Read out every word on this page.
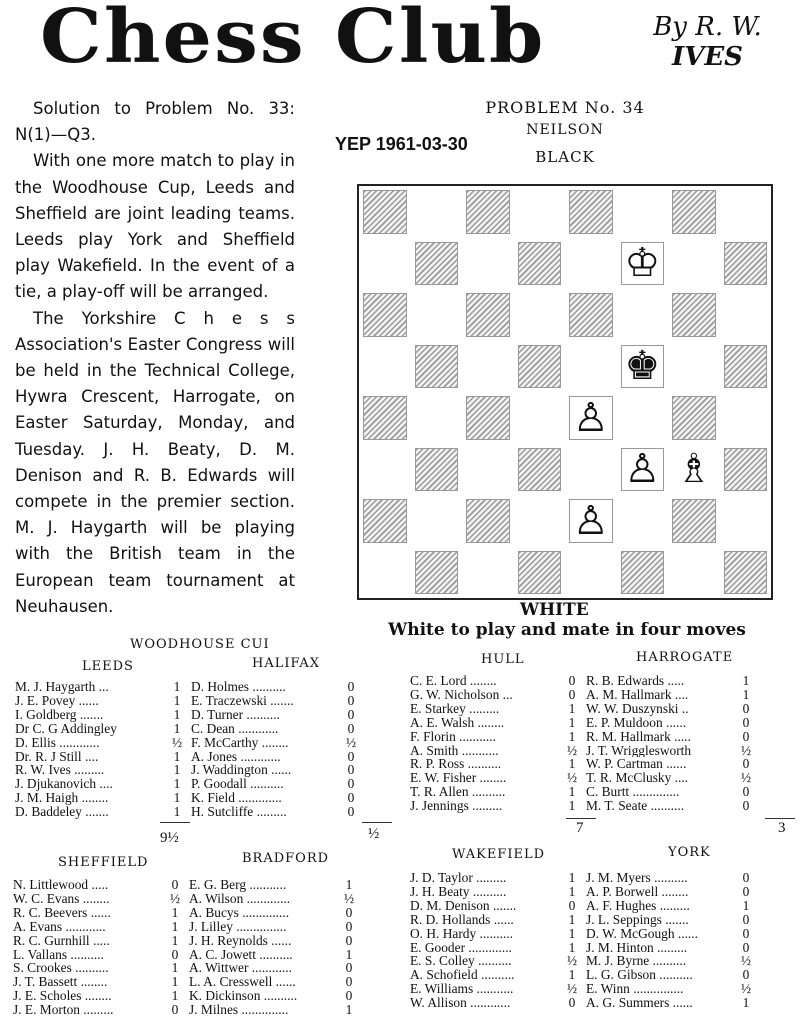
Chess Club	By R. W.
IVES

Solution to Problem No. 33: N(1)—Q3.

With one more match to play in the Woodhouse Cup, Leeds and Sheffield are joint leading teams. Leeds play York and Sheffield play Wakefield. In the event of a tie, a play-off will be arranged.

The Yorkshire C h e s s Association's Easter Congress will be held in the Technical College, Hywra Crescent, Harrogate, on Easter Saturday, Monday, and Tuesday. J. H. Beaty, D. M. Denison and R. B. Edwards will compete in the premier section. M. J. Haygarth will be playing with the British team in the European team tournament at Neuhausen.

YEP 1961-03-30
PROBLEM No. 34
NEILSON
BLACK
♔
♚
♙
♙ ♗
♙
WHITE
White to play and mate in four moves
WOODHOUSE CUI
LEEDS	HALIFAX
M. J. Haygarth ...	1	D. Holmes ..........	0
J. E. Povey ......	1	E. Traczewski .......	0
I. Goldberg .......	1	D. Turner ..........	0
Dr C. G Addingley	1	C. Dean ............	0
D. Ellis ............	½	F. McCarthy ........	½
Dr. R. J Still ....	1	A. Jones ............	0
R. W. Ives .........	1	J. Waddington ......	0
J. Djukanovich ....	1	P. Goodall ..........	0
J. M. Haigh ........	1	K. Field .............	0
D. Baddeley .......	1	H. Sutcliffe .........	0
9½	½
HULL	HARROGATE
C. E. Lord ........	0	R. B. Edwards .....	1
G. W. Nicholson ...	0	A. M. Hallmark ....	1
E. Starkey .........	1	W. W. Duszynski ..	0
A. E. Walsh ........	1	E. P. Muldoon ......	0
F. Florin ...........	1	R. M. Hallmark .....	0
A. Smith ...........	½	J. T. Wrigglesworth	½
R. P. Ross ..........	1	W. P. Cartman ......	0
E. W. Fisher ........	½	T. R. McClusky ....	½
T. R. Allen ..........	1	C. Burtt ..............	0
J. Jennings .........	1	M. T. Seate ..........	0
7	3
SHEFFIELD	BRADFORD
N. Littlewood .....	0	E. G. Berg ...........	1
W. C. Evans ........	½	A. Wilson .............	½
R. C. Beevers ......	1	A. Bucys ..............	0
A. Evans ............	1	J. Lilley ...............	0
R. C. Gurnhill .....	1	J. H. Reynolds ......	0
L. Vallans ..........	0	A. C. Jowett ..........	1
S. Crookes ..........	1	A. Wittwer ............	0
J. T. Bassett ........	1	L. A. Cresswell ......	0
J. E. Scholes ........	1	K. Dickinson ..........	0
J. E. Morton .........	0	J. Milnes ..............	1
WAKEFIELD	YORK
J. D. Taylor .........	1	J. M. Myers ..........	0
J. H. Beaty ..........	1	A. P. Borwell ........	0
D. M. Denison .......	0	A. F. Hughes .........	1
R. D. Hollands ......	1	J. L. Seppings .......	0
O. H. Hardy ..........	1	D. W. McGough ......	0
E. Gooder .............	1	J. M. Hinton .........	0
E. S. Colley ..........	½	M. J. Byrne ..........	½
A. Schofield ..........	1	L. G. Gibson ..........	0
E. Williams ...........	½	E. Winn ...............	½
W. Allison ............	0	A. G. Summers ......	1
